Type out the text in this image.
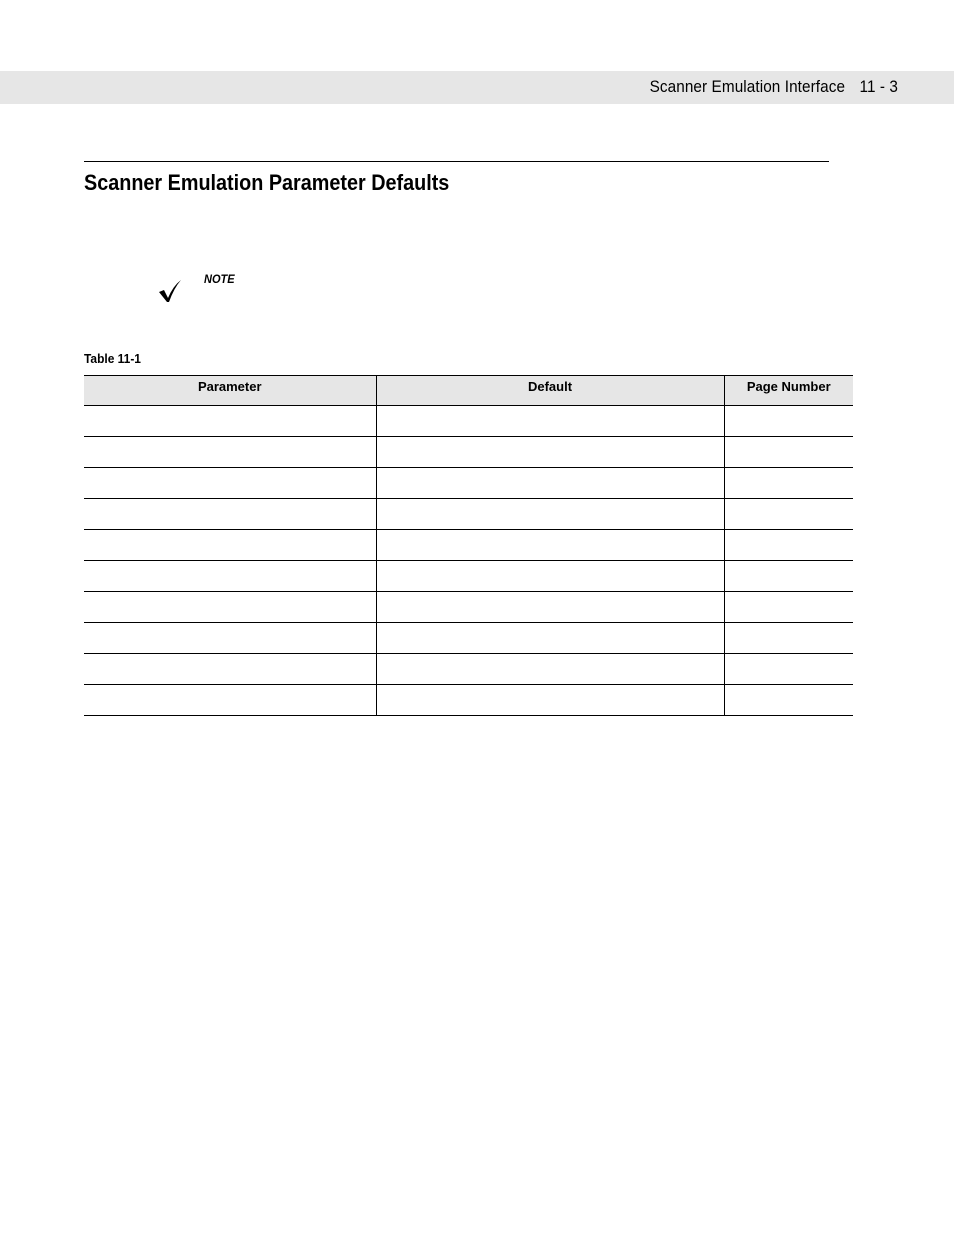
Scanner Emulation Interface 11 - 3
Scanner Emulation Parameter Defaults
NOTE
Table 11-1
Parameter	Default	Page Number
